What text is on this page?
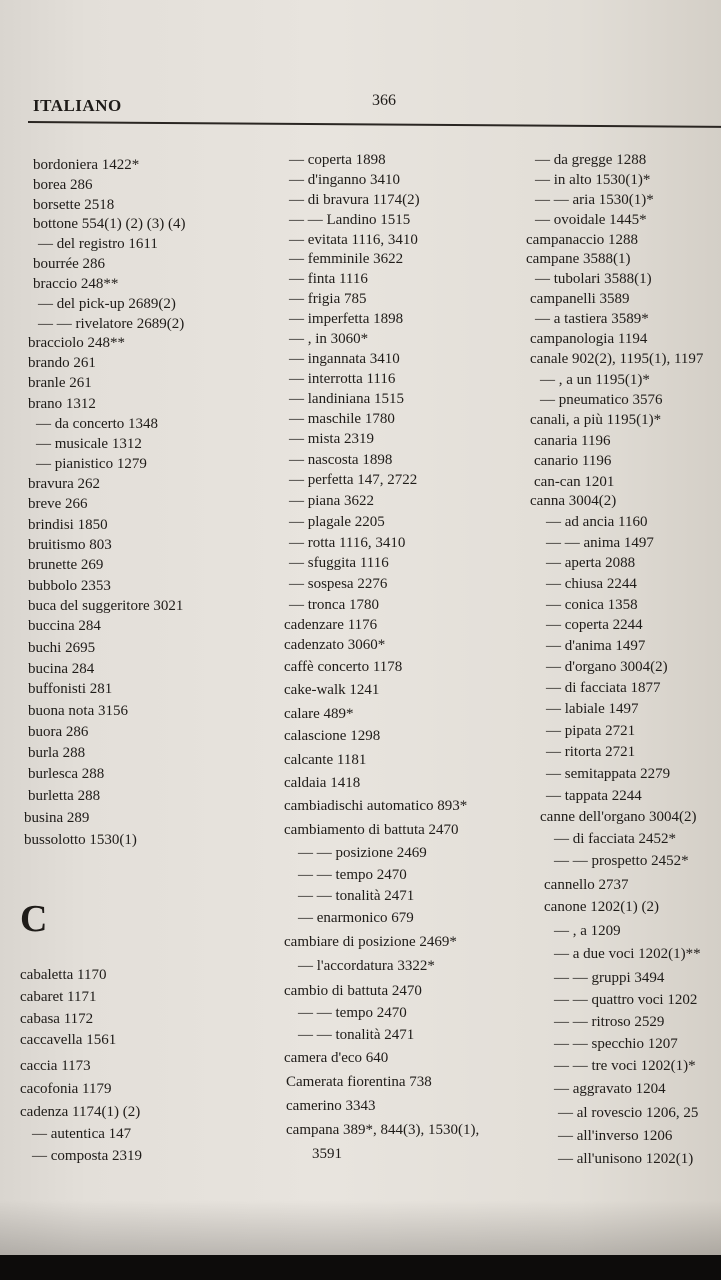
ITALIANO	366
bordoniera 1422*
borea 286
borsette 2518
bottone 554(1) (2) (3) (4)
— del registro 1611
bourrée 286
braccio 248**
— del pick-up 2689(2)
— — rivelatore 2689(2)
bracciolo 248**
brando 261
branle 261
brano 1312
— da concerto 1348
— musicale 1312
— pianistico 1279
bravura 262
breve 266
brindisi 1850
bruitismo 803
brunette 269
bubbolo 2353
buca del suggeritore 3021
buccina 284
buchi 2695
bucina 284
buffonisti 281
buona nota 3156
buora 286
burla 288
burlesca 288
burletta 288
busina 289
bussolotto 1530(1)
cabaletta 1170
cabaret 1171
cabasa 1172
caccavella 1561
caccia 1173
cacofonia 1179
cadenza 1174(1) (2)
— autentica 147
— composta 2319
— coperta 1898
— d'inganno 3410
— di bravura 1174(2)
— — Landino 1515
— evitata 1116, 3410
— femminile 3622
— finta 1116
— frigia 785
— imperfetta 1898
— , in 3060*
— ingannata 3410
— interrotta 1116
— landiniana 1515
— maschile 1780
— mista 2319
— nascosta 1898
— perfetta 147, 2722
— piana 3622
— plagale 2205
— rotta 1116, 3410
— sfuggita 1116
— sospesa 2276
— tronca 1780
cadenzare 1176
cadenzato 3060*
caffè concerto 1178
cake-walk 1241
calare 489*
calascione 1298
calcante 1181
caldaia 1418
cambiadischi automatico 893*
cambiamento di battuta 2470
— — posizione 2469
— — tempo 2470
— — tonalità 2471
— enarmonico 679
cambiare di posizione 2469*
— l'accordatura 3322*
cambio di battuta 2470
— — tempo 2470
— — tonalità 2471
camera d'eco 640
Camerata fiorentina 738
camerino 3343
campana 389*, 844(3), 1530(1),
3591
— da gregge 1288
— in alto 1530(1)*
— — aria 1530(1)*
— ovoidale 1445*
campanaccio 1288
campane 3588(1)
— tubolari 3588(1)
campanelli 3589
— a tastiera 3589*
campanologia 1194
canale 902(2), 1195(1), 1197
— , a un 1195(1)*
— pneumatico 3576
canali, a più 1195(1)*
canaria 1196
canario 1196
can-can 1201
canna 3004(2)
— ad ancia 1160
— — anima 1497
— aperta 2088
— chiusa 2244
— conica 1358
— coperta 2244
— d'anima 1497
— d'organo 3004(2)
— di facciata 1877
— labiale 1497
— pipata 2721
— ritorta 2721
— semitappata 2279
— tappata 2244
canne dell'organo 3004(2)
— di facciata 2452*
— — prospetto 2452*
cannello 2737
canone 1202(1) (2)
— , a 1209
— a due voci 1202(1)**
— — gruppi 3494
— — quattro voci 1202
— — ritroso 2529
— — specchio 1207
— — tre voci 1202(1)*
— aggravato 1204
— al rovescio 1206, 25
— all'inverso 1206
— all'unisono 1202(1)
C
